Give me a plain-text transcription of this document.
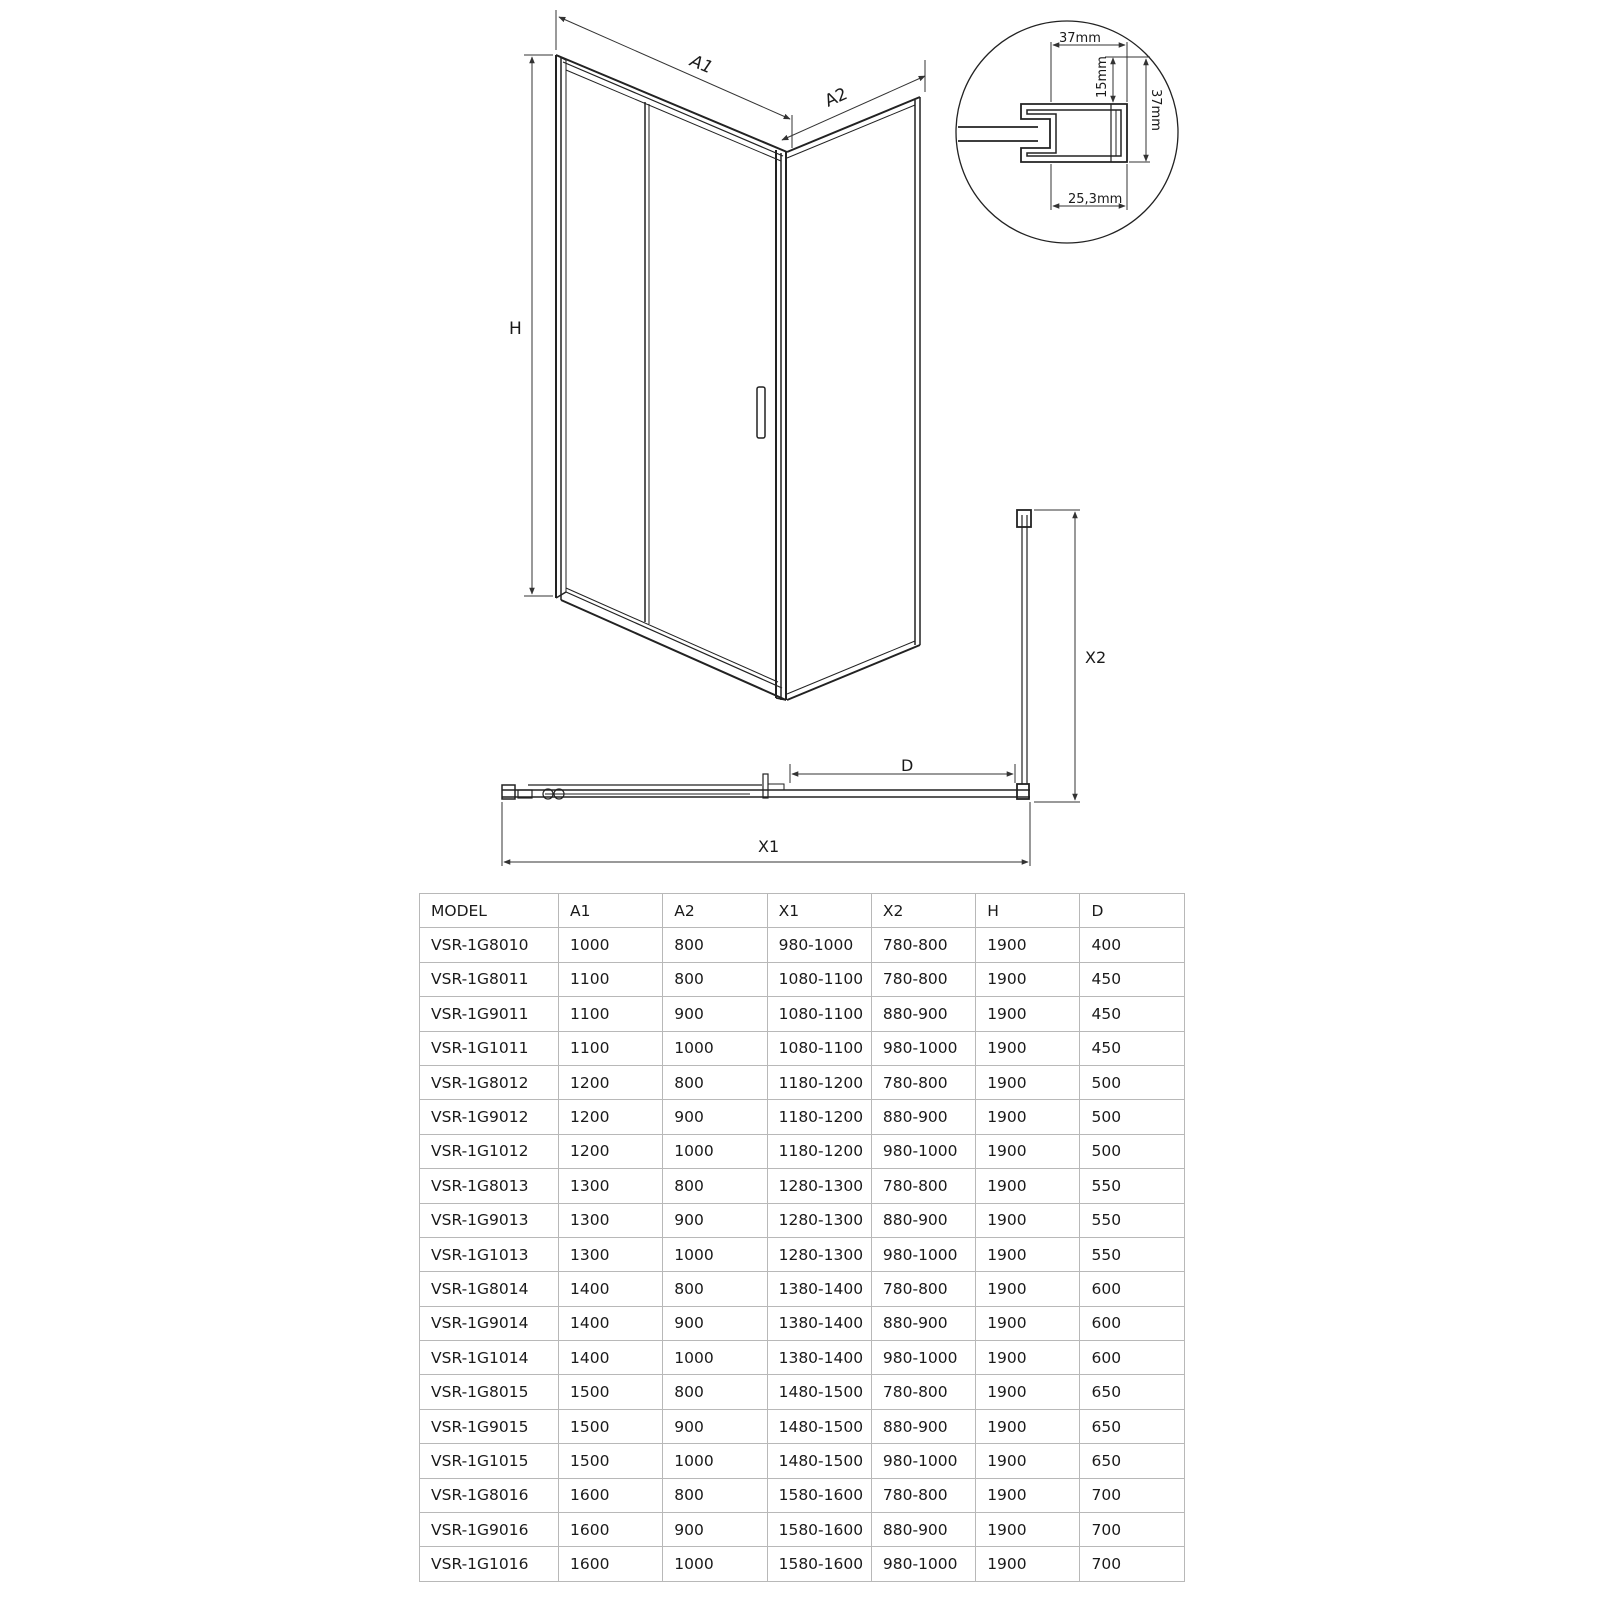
A1
A2
H
37mm
15mm
37mm
25,3mm
D
X1
X2
MODEL	A1	A2	X1	X2	H	D
VSR-1G8010	1000	800	980-1000	780-800	1900	400
VSR-1G8011	1100	800	1080-1100	780-800	1900	450
VSR-1G9011	1100	900	1080-1100	880-900	1900	450
VSR-1G1011	1100	1000	1080-1100	980-1000	1900	450
VSR-1G8012	1200	800	1180-1200	780-800	1900	500
VSR-1G9012	1200	900	1180-1200	880-900	1900	500
VSR-1G1012	1200	1000	1180-1200	980-1000	1900	500
VSR-1G8013	1300	800	1280-1300	780-800	1900	550
VSR-1G9013	1300	900	1280-1300	880-900	1900	550
VSR-1G1013	1300	1000	1280-1300	980-1000	1900	550
VSR-1G8014	1400	800	1380-1400	780-800	1900	600
VSR-1G9014	1400	900	1380-1400	880-900	1900	600
VSR-1G1014	1400	1000	1380-1400	980-1000	1900	600
VSR-1G8015	1500	800	1480-1500	780-800	1900	650
VSR-1G9015	1500	900	1480-1500	880-900	1900	650
VSR-1G1015	1500	1000	1480-1500	980-1000	1900	650
VSR-1G8016	1600	800	1580-1600	780-800	1900	700
VSR-1G9016	1600	900	1580-1600	880-900	1900	700
VSR-1G1016	1600	1000	1580-1600	980-1000	1900	700
